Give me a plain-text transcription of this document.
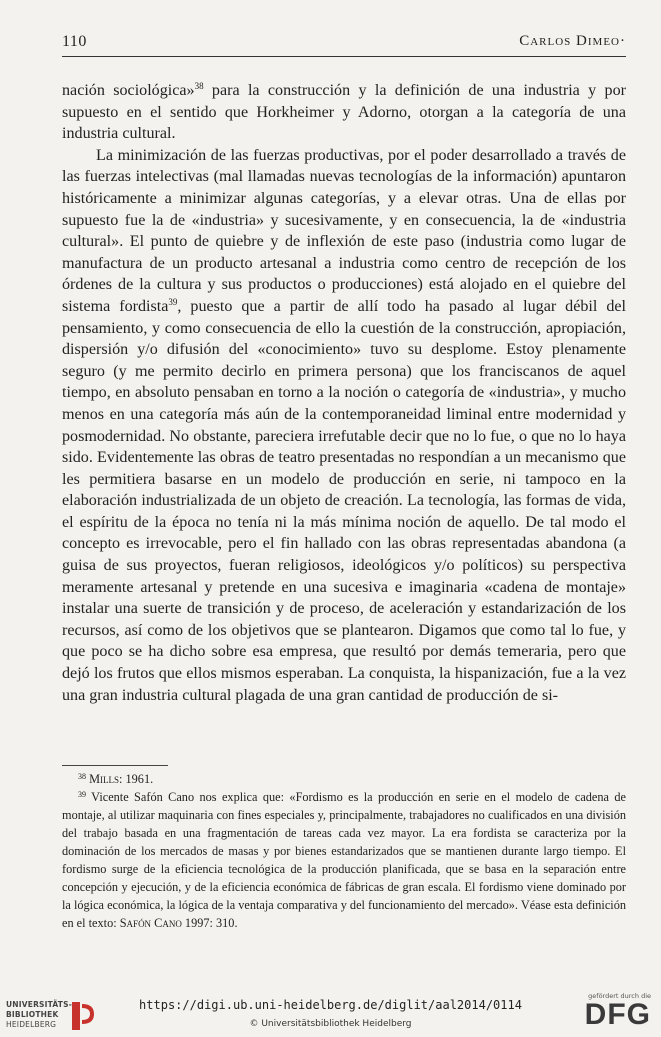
110	Carlos Dimeo·

nación sociológica»$^{38}$ para la construcción y la definición de una industria y por supuesto en el sentido que Horkheimer y Adorno, otorgan a la categoría de una industria cultural.

La minimización de las fuerzas productivas, por el poder desarrollado a través de las fuerzas intelectivas (mal llamadas nuevas tecnologías de la información) apuntaron históricamente a minimizar algunas categorías, y a elevar otras. Una de ellas por supuesto fue la de «industria» y sucesivamente, y en consecuencia, la de «industria cultural». El punto de quiebre y de inflexión de este paso (industria como lugar de manufactura de un producto artesanal a industria como centro de recepción de los órdenes de la cultura y sus productos o producciones) está alojado en el quiebre del sistema fordista$^{39}$, puesto que a partir de allí todo ha pasado al lugar débil del pensamiento, y como consecuencia de ello la cuestión de la construcción, apropiación, dispersión y/o difusión del «conocimiento» tuvo su desplome. Estoy plenamente seguro (y me permito decirlo en primera persona) que los franciscanos de aquel tiempo, en absoluto pensaban en torno a la noción o categoría de «industria», y mucho menos en una categoría más aún de la contemporaneidad liminal entre modernidad y posmodernidad. No obstante, pareciera irrefutable decir que no lo fue, o que no lo haya sido. Evidentemente las obras de teatro presentadas no respondían a un mecanismo que les permitiera basarse en un modelo de producción en serie, ni tampoco en la elaboración industrializada de un objeto de creación. La tecnología, las formas de vida, el espíritu de la época no tenía ni la más mínima noción de aquello. De tal modo el concepto es irrevocable, pero el fin hallado con las obras representadas abandona (a guisa de sus proyectos, fueran religiosos, ideológicos y/o políticos) su perspectiva meramente artesanal y pretende en una sucesiva e imaginaria «cadena de montaje» instalar una suerte de transición y de proceso, de aceleración y estandarización de los recursos, así como de los objetivos que se plantearon. Digamos que como tal lo fue, y que poco se ha dicho sobre esa empresa, que resultó por demás temeraria, pero que dejó los frutos que ellos mismos esperaban. La conquista, la hispanización, fue a la vez una gran industria cultural plagada de una gran cantidad de producción de si-

$^{38}$ Mills: 1961.

$^{39}$ Vicente Safón Cano nos explica que: «Fordismo es la producción en serie en el modelo de cadena de montaje, al utilizar maquinaria con fines especiales y, principalmente, trabajadores no cualificados en una división del trabajo basada en una fragmentación de tareas cada vez mayor. La era fordista se caracteriza por la dominación de los mercados de masas y por bienes estandarizados que se mantienen durante largo tiempo. El fordismo surge de la eficiencia tecnológica de la producción planificada, que se basa en la separación entre concepción y ejecución, y de la eficiencia económica de fábricas de gran escala. El fordismo viene dominado por la lógica económica, la lógica de la ventaja comparativa y del funcionamiento del mercado». Véase esta definición en el texto: Safón Cano 1997: 310.

UNIVERSITÄTS-
BIBLIOTHEK
HEIDELBERG
https://digi.ub.uni-heidelberg.de/diglit/aal2014/0114
© Universitätsbibliothek Heidelberg
gefördert durch die
DFG
